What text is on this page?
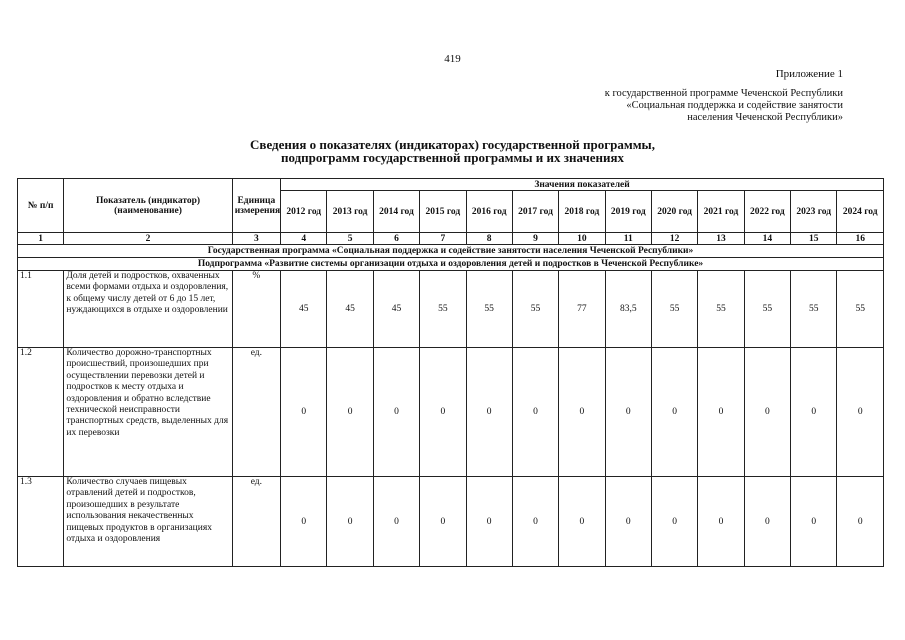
419
Приложение 1
к государственной программе Чеченской Республики
«Социальная поддержка и содействие занятости
населения Чеченской Республики»
Сведения о показателях (индикаторах) государственной программы,
подпрограмм государственной программы и их значениях
№ п/п	Показатель (индикатор) (наименование)	Единица измерения	Значения показателей												
			2012 год	2013 год	2014 год	2015 год	2016 год	2017 год	2018 год	2019 год	2020 год	2021 год	2022 год	2023 год	2024 год
1	2	3	4	5	6	7	8	9	10	11	12	13	14	15	16
Государственная программа «Социальная поддержка и содействие занятости населения Чеченской Республики»															
Подпрограмма «Развитие системы организации отдыха и оздоровления детей и подростков в Чеченской Республике»															
1.1	Доля детей и подростков, охваченных всеми формами отдыха и оздоровления, к общему числу детей от 6 до 15 лет, нуждающихся в отдыхе и оздоровлении	%	45	45	45	55	55	55	77	83,5	55	55	55	55	55
1.2	Количество дорожно-транспортных происшествий, произошедших при осуществлении перевозки детей и подростков к месту отдыха и оздоровления и обратно вследствие технической неисправности транспортных средств, выделенных для их перевозки	ед.	0	0	0	0	0	0	0	0	0	0	0	0	0
1.3	Количество случаев пищевых отравлений детей и подростков, произошедших в результате использования некачественных пищевых продуктов в организациях отдыха и оздоровления	ед.	0	0	0	0	0	0	0	0	0	0	0	0	0
